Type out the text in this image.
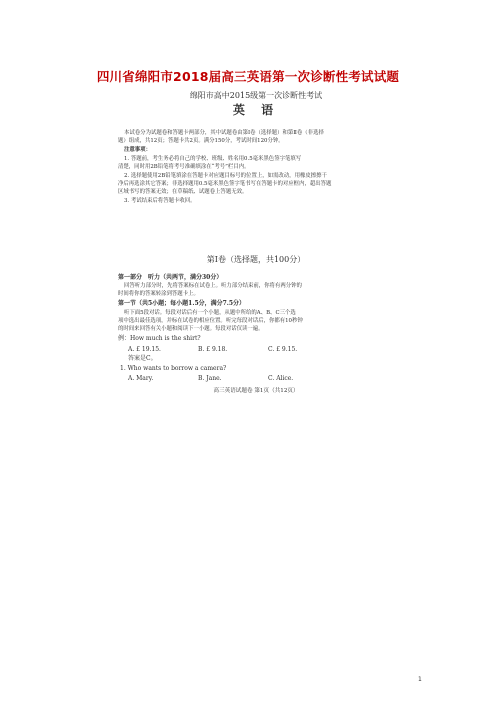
四川省绵阳市2018届高三英语第一次诊断性考试试题
绵阳市高中2015级第一次诊断性考试
英 语
本试卷分为试题卷和答题卡两部分，其中试题卷由第Ⅰ卷（选择题）和第Ⅱ卷（非选择
题）组成，共12页；答题卡共2页。满分150分，考试时间120分钟。
注意事项：
1. 答题前，考生务必将自己的学校、班级、姓名用0.5毫米黑色签字笔填写
清楚，同时用2B铅笔将考号准确填涂在“考号”栏目内。
2. 选择题使用2B铅笔填涂在答题卡对应题目标号的位置上，如需改动，用橡皮擦擦干
净后再选涂其它答案；非选择题用0.5毫米黑色签字笔书写在答题卡的对应框内，超出答题
区域书写的答案无效；在草稿纸、试题卷上答题无效。
3. 考试结束后将答题卡收回。
第Ⅰ卷（选择题，共100分）
第一部分　听力（共两节，满分30分）
回答听力部分时，先将答案标在试卷上。听力部分结束前，你将有两分钟的
时间将你的答案转涂到答题卡上。
第一节（共5小题；每小题1.5分，满分7.5分）
听下面5段对话。每段对话后有一个小题，从题中所给的A、B、C三个选
项中选出最佳选项，并标在试卷的相应位置。听完每段对话后，你都有10秒钟
的时间来回答有关小题和阅读下一小题。每段对话仅读一遍。
例：How much is the shirt?
A. £ 19.15.	B. £ 9.18.	C. £ 9.15.
答案是C。
1. Who wants to borrow a camera?
A. Mary.	B. Jane.	C. Alice.
高三英语试题卷 第1页（共12页）
1
